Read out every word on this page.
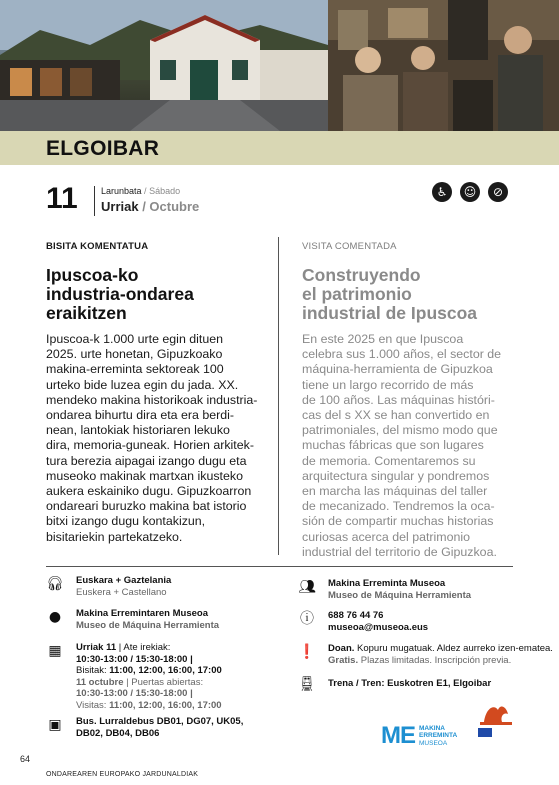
ELGOIBAR
11	Larunbata / Sábado
Urriak / Octubre
♿	☺	⊘
BISITA KOMENTATUA
Ipuscoa-ko
industria-ondarea
eraikitzen
Ipuscoa-k 1.000 urte egin dituen
2025. urte honetan, Gipuzkoako
makina-erreminta sektoreak 100
urteko bide luzea egin du jada. XX.
mendeko makina historikoak industria-
ondarea bihurtu dira eta era berdi-
nean, lantokiak historiaren lekuko
dira, memoria-guneak. Horien arkitek-
tura berezia aipagai izango dugu eta
museoko makinak martxan ikusteko
aukera eskainiko dugu. Gipuzkoarron
ondareari buruzko makina bat istorio
bitxi izango dugu kontakizun,
bisitariekin partekatzeko.
VISITA COMENTADA
Construyendo
el patrimonio
industrial de Ipuscoa
En este 2025 en que Ipuscoa
celebra sus 1.000 años, el sector de
máquina-herramienta de Gipuzkoa
tiene un largo recorrido de más
de 100 años. Las máquinas históri-
cas del s XX se han convertido en
patrimoniales, del mismo modo que
muchas fábricas que son lugares
de memoria. Comentaremos su
arquitectura singular y pondremos
en marcha las máquinas del taller
de mecanizado. Tendremos la oca-
sión de compartir muchas historias
curiosas acerca del patrimonio
industrial del territorio de Gipuzkoa.
🎧︎ Euskara + Gaztelania
Euskera + Castellano
●	Makina Erremintaren Museoa
Museo de Máquina Herramienta
▦ Urriak 11 | Ate irekiak:
10:30-13:00 / 15:30-18:00 |
Bisitak: 11:00, 12:00, 16:00, 17:00
11 octubre | Puertas abiertas:
10:30-13:00 / 15:30-18:00 |
Visitas: 11:00, 12:00, 16:00, 17:00
▣ Bus. Lurraldebus DB01, DG07, UK05,
DB02, DB04, DB06
👥︎ Makina Erreminta Museoa
Museo de Máquina Herramienta
ⓘ 688 76 44 76
museoa@museoa.eus
❗ Doan. Kopuru mugatuak. Aldez aurreko izen-ematea.
Gratis. Plazas limitadas. Inscripción previa.
🚆︎ Trena / Tren: Euskotren E1, Elgoibar
ME MAKINA
ERREMINTA
MUSEOA
64
ONDAREAREN EUROPAKO JARDUNALDIAK
